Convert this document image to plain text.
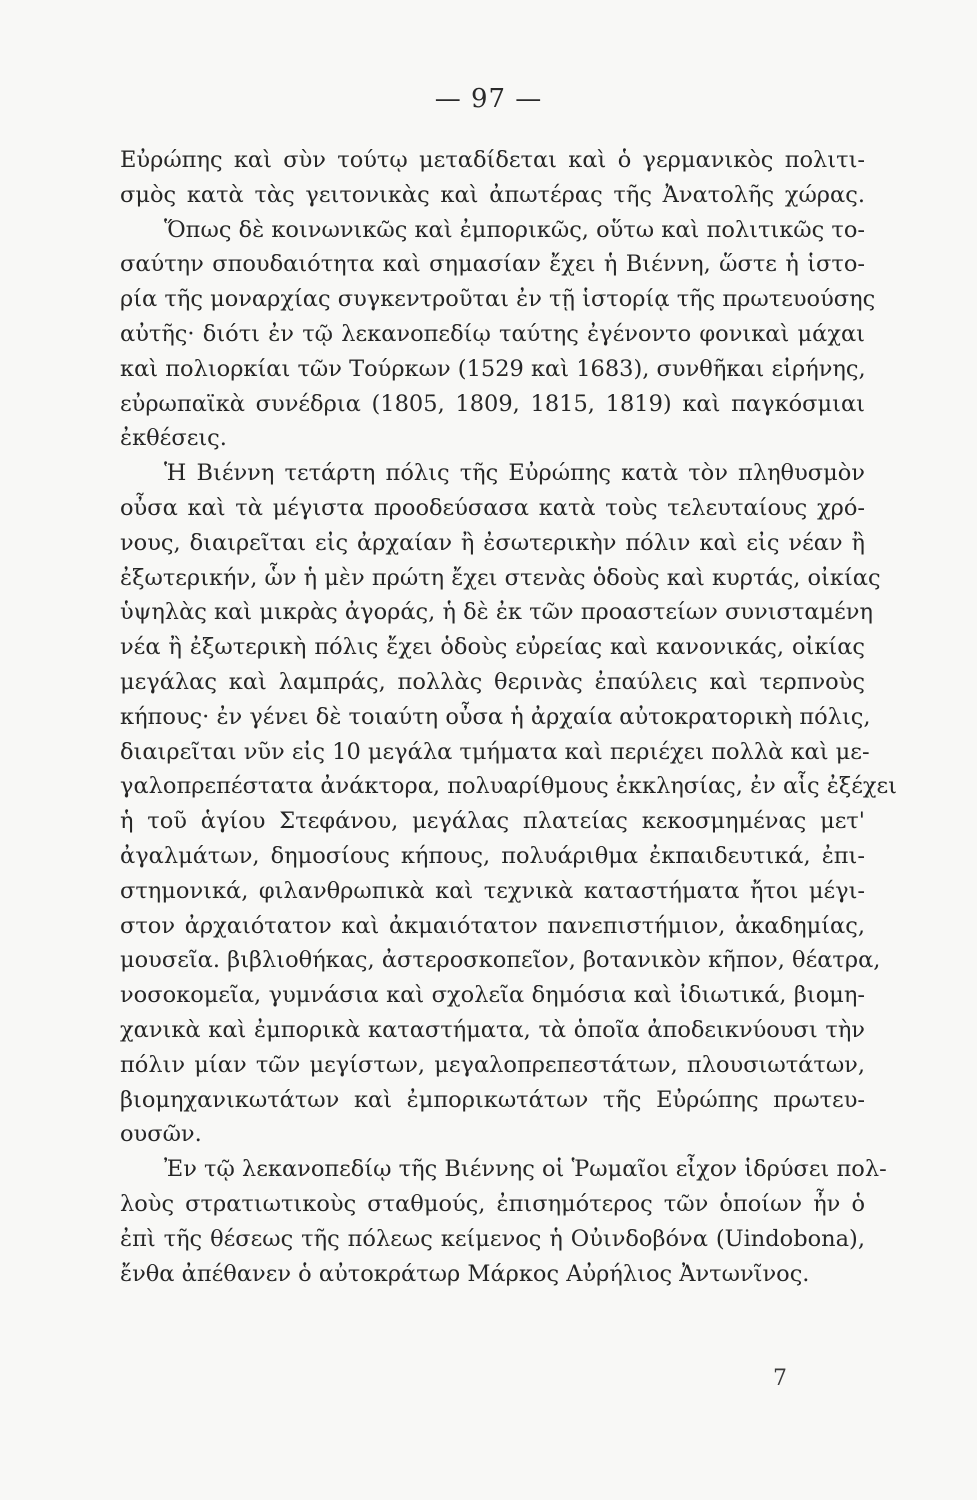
— 97 —
Εὐρώπης καὶ σὺν τούτῳ μεταδίδεται καὶ ὁ γερμανικὸς πολιτι-
σμὸς κατὰ τὰς γειτονικὰς καὶ ἀπωτέρας τῆς Ἀνατολῆς χώρας.
Ὅπως δὲ κοινωνικῶς καὶ ἐμπορικῶς, οὕτω καὶ πολιτικῶς το-
σαύτην σπουδαιότητα καὶ σημασίαν ἔχει ἡ Βιέννη, ὥστε ἡ ἱστο-
ρία τῆς μοναρχίας συγκεντροῦται ἐν τῇ ἱστορίᾳ τῆς πρωτευούσης
αὐτῆς· διότι ἐν τῷ λεκανοπεδίῳ ταύτης ἐγένοντο φονικαὶ μάχαι
καὶ πολιορκίαι τῶν Τούρκων (1529 καὶ 1683), συνθῆκαι εἰρήνης,
εὐρωπαϊκὰ συνέδρια (1805, 1809, 1815, 1819) καὶ παγκόσμιαι
ἐκθέσεις.
Ἡ Βιέννη τετάρτη πόλις τῆς Εὐρώπης κατὰ τὸν πληθυσμὸν
οὖσα καὶ τὰ μέγιστα προοδεύσασα κατὰ τοὺς τελευταίους χρό-
νους, διαιρεῖται εἰς ἀρχαίαν ἢ ἐσωτερικὴν πόλιν καὶ εἰς νέαν ἢ
ἐξωτερικήν, ὧν ἡ μὲν πρώτη ἔχει στενὰς ὁδοὺς καὶ κυρτάς, οἰκίας
ὑψηλὰς καὶ μικρὰς ἀγοράς, ἡ δὲ ἐκ τῶν προαστείων συνισταμένη
νέα ἢ ἐξωτερικὴ πόλις ἔχει ὁδοὺς εὐρείας καὶ κανονικάς, οἰκίας
μεγάλας καὶ λαμπράς, πολλὰς θερινὰς ἐπαύλεις καὶ τερπνοὺς
κήπους· ἐν γένει δὲ τοιαύτη οὖσα ἡ ἀρχαία αὐτοκρατορικὴ πόλις,
διαιρεῖται νῦν εἰς 10 μεγάλα τμήματα καὶ περιέχει πολλὰ καὶ με-
γαλοπρεπέστατα ἀνάκτορα, πολυαρίθμους ἐκκλησίας, ἐν αἷς ἐξέχει
ἡ τοῦ ἁγίου Στεφάνου, μεγάλας πλατείας κεκοσμημένας μετ'
ἀγαλμάτων, δημοσίους κήπους, πολυάριθμα ἐκπαιδευτικά, ἐπι-
στημονικά, φιλανθρωπικὰ καὶ τεχνικὰ καταστήματα ἤτοι μέγι-
στον ἀρχαιότατον καὶ ἀκμαιότατον πανεπιστήμιον, ἀκαδημίας,
μουσεῖα. βιβλιοθήκας, ἀστεροσκοπεῖον, βοτανικὸν κῆπον, θέατρα,
νοσοκομεῖα, γυμνάσια καὶ σχολεῖα δημόσια καὶ ἰδιωτικά, βιομη-
χανικὰ καὶ ἐμπορικὰ καταστήματα, τὰ ὁποῖα ἀποδεικνύουσι τὴν
πόλιν μίαν τῶν μεγίστων, μεγαλοπρεπεστάτων, πλουσιωτάτων,
βιομηχανικωτάτων καὶ ἐμπορικωτάτων τῆς Εὐρώπης πρωτευ-
ουσῶν.
Ἐν τῷ λεκανοπεδίῳ τῆς Βιέννης οἱ Ῥωμαῖοι εἶχον ἱδρύσει πολ-
λοὺς στρατιωτικοὺς σταθμούς, ἐπισημότερος τῶν ὁποίων ἦν ὁ
ἐπὶ τῆς θέσεως τῆς πόλεως κείμενος ἡ Οὐινδοβόνα (Uindobona),
ἔνθα ἀπέθανεν ὁ αὐτοκράτωρ Μάρκος Αὐρήλιος Ἀντωνῖνος.
7
